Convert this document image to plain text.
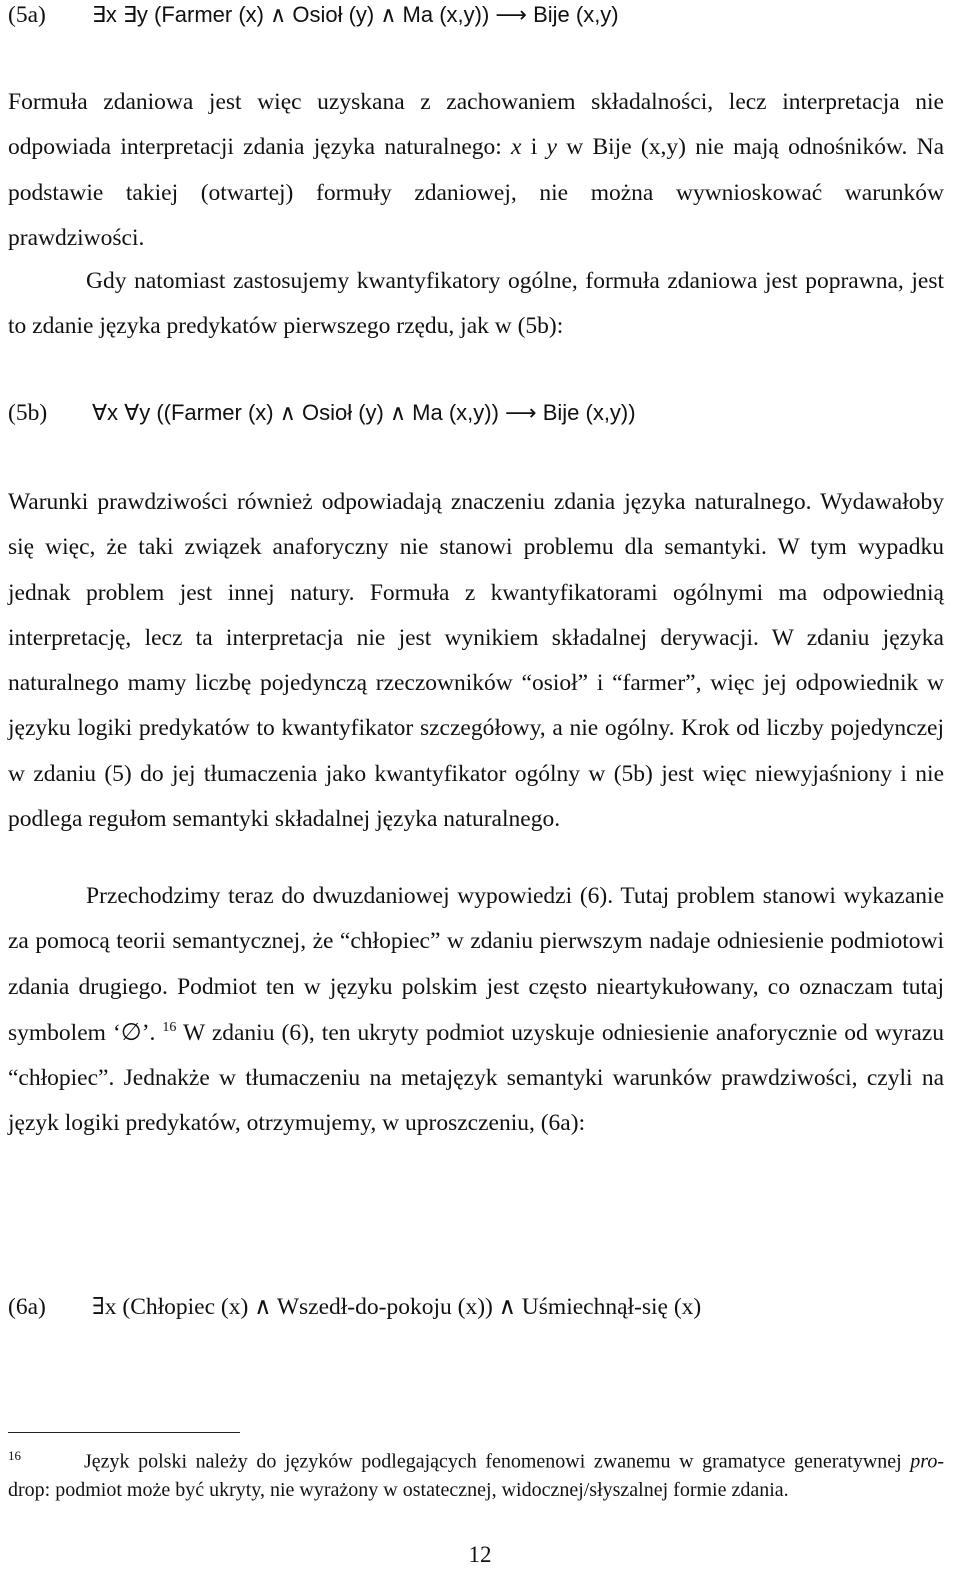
(5a) ∃x ∃y (Farmer (x) ∧ Osioł (y) ∧ Ma (x,y)) ⟶ Bije (x,y)
Formuła zdaniowa jest więc uzyskana z zachowaniem składalności, lecz interpretacja nie odpowiada interpretacji zdania języka naturalnego: x i y w Bije (x,y) nie mają odnośników. Na podstawie takiej (otwartej) formuły zdaniowej, nie można wywnioskować warunków prawdziwości.
Gdy natomiast zastosujemy kwantyfikatory ogólne, formuła zdaniowa jest poprawna, jest to zdanie języka predykatów pierwszego rzędu, jak w (5b):
(5b) ∀x ∀y ((Farmer (x) ∧ Osioł (y) ∧ Ma (x,y)) ⟶ Bije (x,y))
Warunki prawdziwości również odpowiadają znaczeniu zdania języka naturalnego. Wydawałoby się więc, że taki związek anaforyczny nie stanowi problemu dla semantyki. W tym wypadku jednak problem jest innej natury. Formuła z kwantyfikatorami ogólnymi ma odpowiednią interpretację, lecz ta interpretacja nie jest wynikiem składalnej derywacji. W zdaniu języka naturalnego mamy liczbę pojedynczą rzeczowników “osioł” i “farmer”, więc jej odpowiednik w języku logiki predykatów to kwantyfikator szczegółowy, a nie ogólny. Krok od liczby pojedynczej w zdaniu (5) do jej tłumaczenia jako kwantyfikator ogólny w (5b) jest więc niewyjaśniony i nie podlega regułom semantyki składalnej języka naturalnego.
Przechodzimy teraz do dwuzdaniowej wypowiedzi (6). Tutaj problem stanowi wykazanie za pomocą teorii semantycznej, że “chłopiec” w zdaniu pierwszym nadaje odniesienie podmiotowi zdania drugiego. Podmiot ten w języku polskim jest często nieartykułowany, co oznaczam tutaj symbolem ‘∅’. $^{16}$ W zdaniu (6), ten ukryty podmiot uzyskuje odniesienie anaforycznie od wyrazu “chłopiec”. Jednakże w tłumaczeniu na metajęzyk semantyki warunków prawdziwości, czyli na język logiki predykatów, otrzymujemy, w uproszczeniu, (6a):
(6a) ∃x (Chłopiec (x) ∧ Wszedł-do-pokoju (x)) ∧ Uśmiechnął-się (x)
16	Język polski należy do języków podlegających fenomenowi zwanemu w gramatyce generatywnej pro-drop: podmiot może być ukryty, nie wyrażony w ostatecznej, widocznej/słyszalnej formie zdania.
12
